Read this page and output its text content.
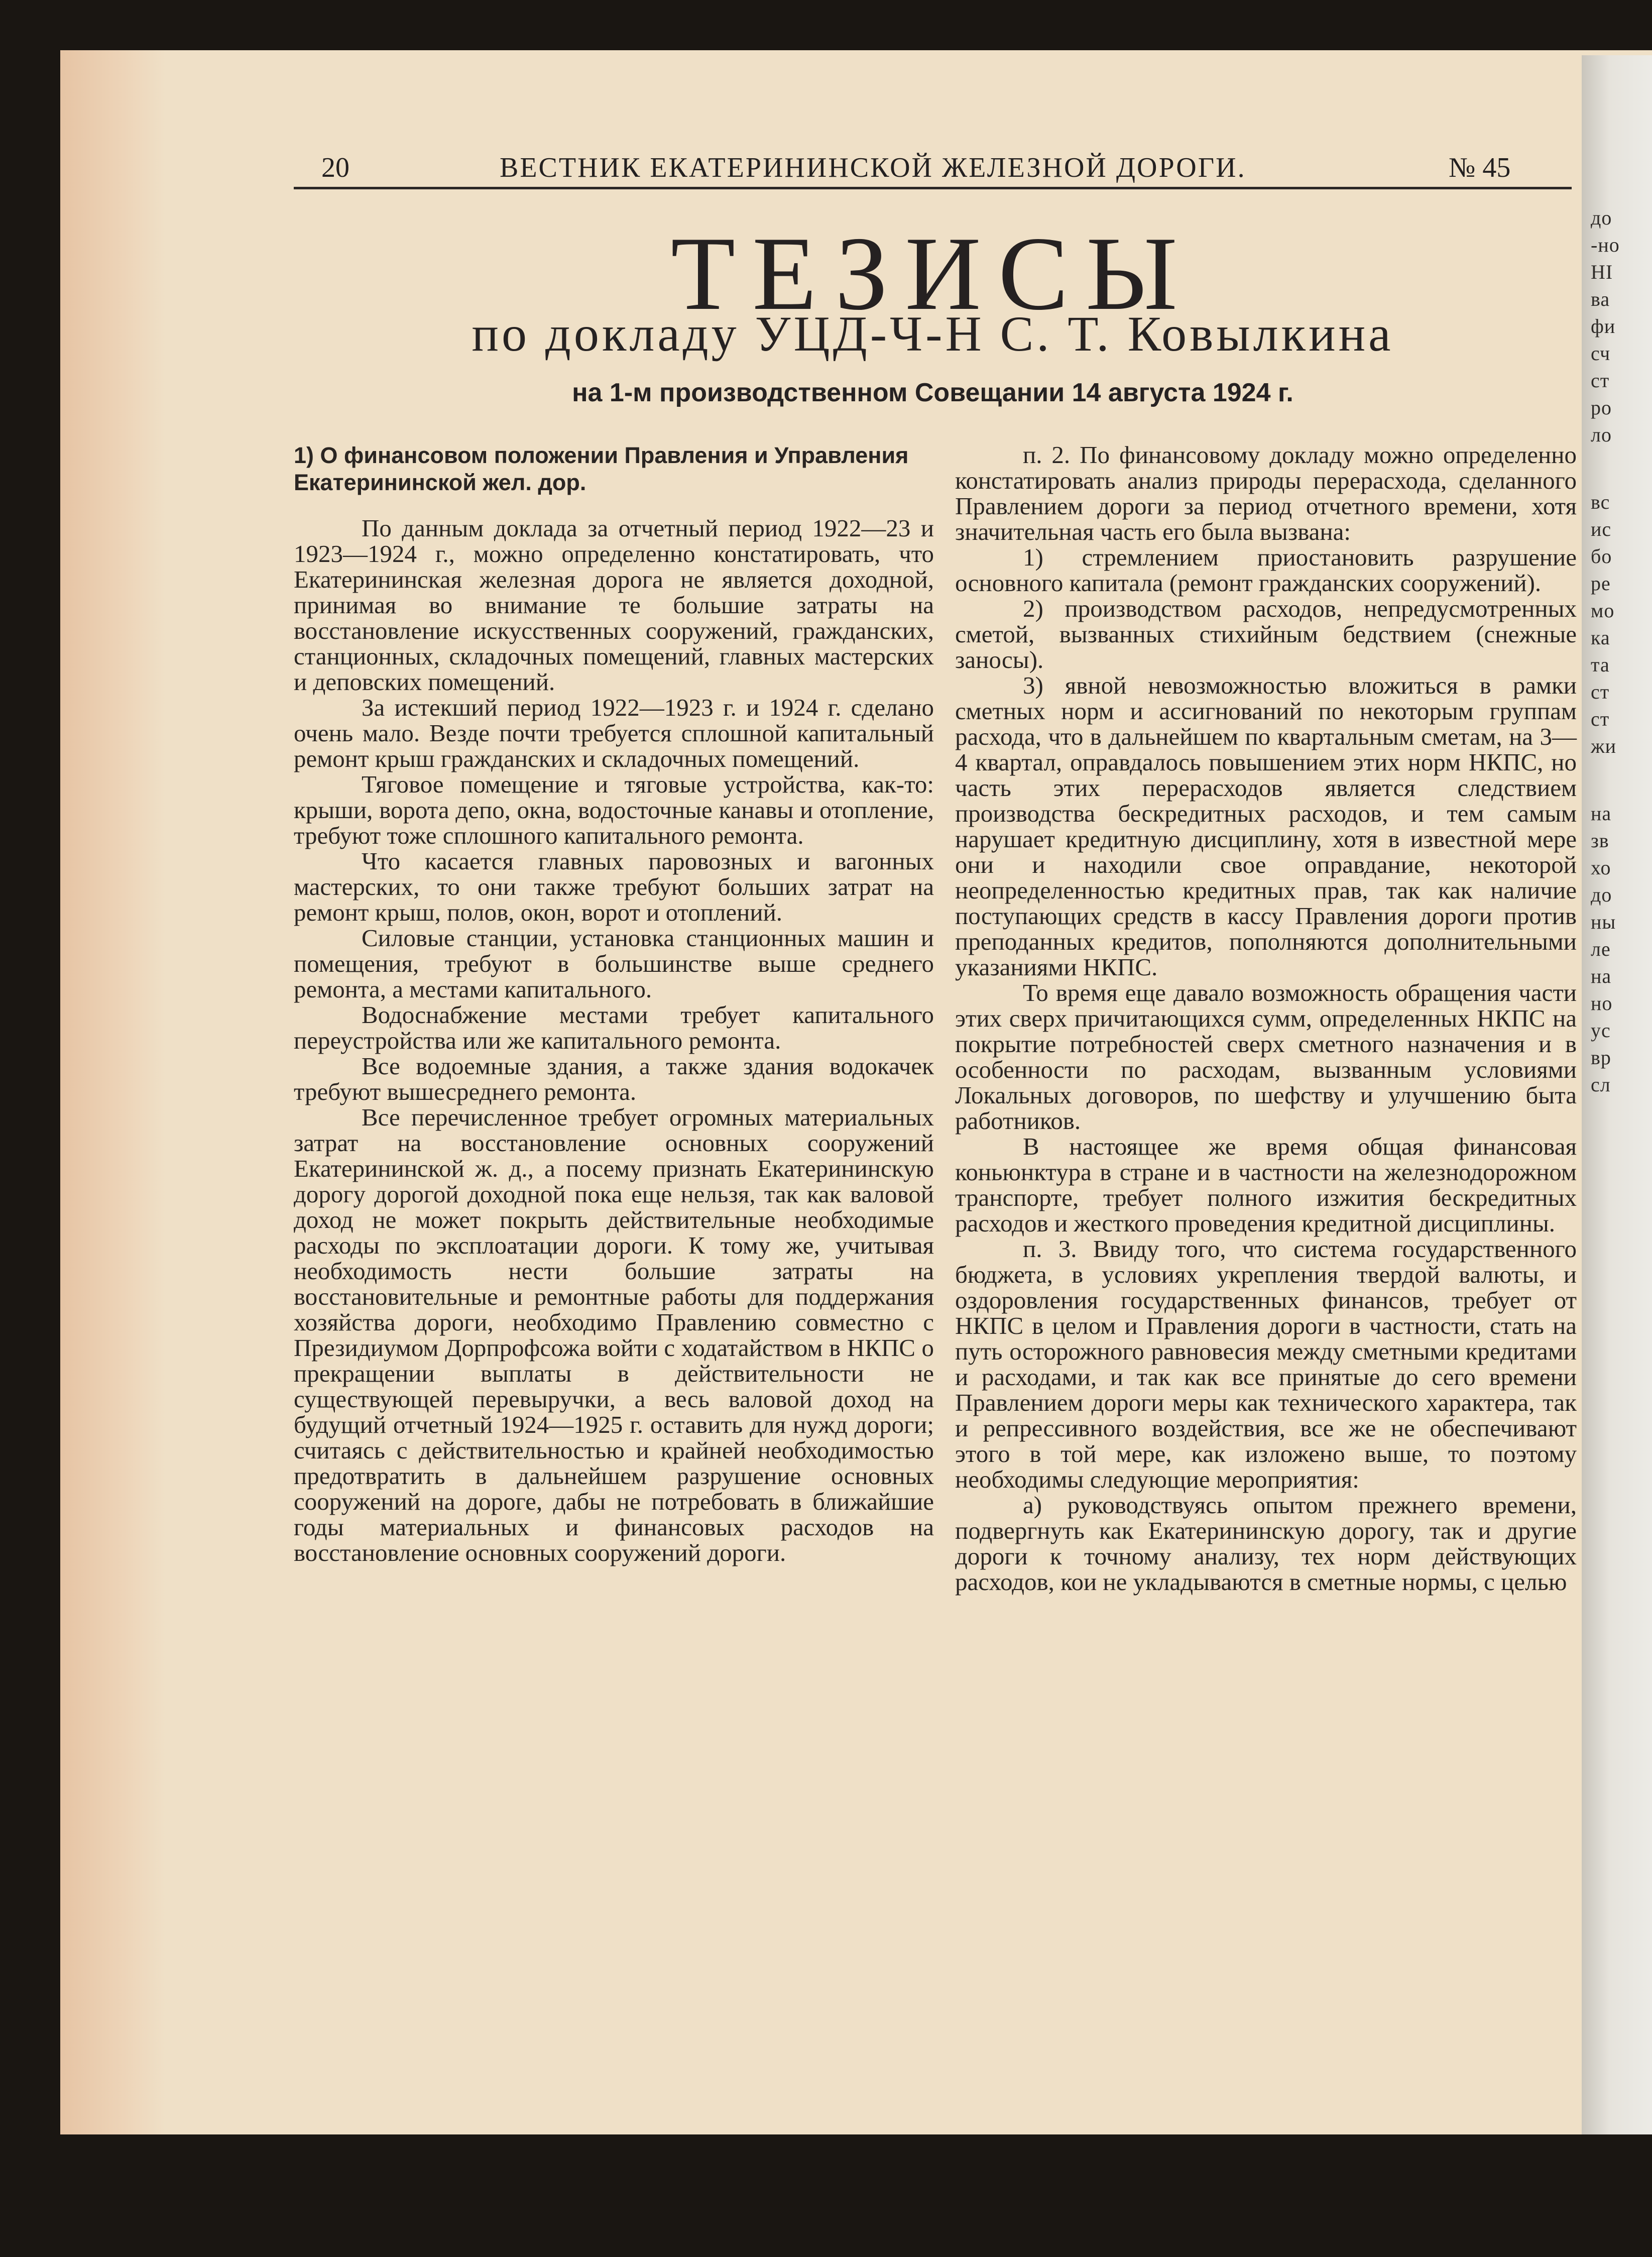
до
-но
НI
ва
фи
сч
ст
ро
ло
вс
ис
бо
ре
мо
ка
та
ст
ст
жи
на
зв
хо
до
ны
ле
на
но
ус
вр
сл
20	ВЕСТНИК ЕКАТЕРИНИНСКОЙ ЖЕЛЕЗНОЙ ДОРОГИ.	№ 45
ТЕЗИСЫ
по докладу УЦД-Ч-Н С. Т. Ковылкина
на 1-м производственном Совещании 14 августа 1924 г.

1) О финансовом положении Правления и Управления Екатерининской жел. дор.

По данным доклада за отчетный период 1922—23 и 1923—1924 г., можно определенно констатировать, что Екатерининская железная дорога не является доходной, принимая во внимание те большие затраты на восстановление искусственных сооружений, гражданских, станционных, складочных помещений, главных мастерских и деповских помещений.

За истекший период 1922—1923 г. и 1924 г. сделано очень мало. Везде почти требуется сплошной капитальный ремонт крыш гражданских и складочных помещений.

Тяговое помещение и тяговые устройства, как-то: крыши, ворота депо, окна, водосточные канавы и отопление, требуют тоже сплошного капитального ремонта.

Что касается главных паровозных и вагонных мастерских, то они также требуют больших затрат на ремонт крыш, полов, окон, ворот и отоплений.

Силовые станции, установка станционных машин и помещения, требуют в большинстве выше среднего ремонта, а местами капитального.

Водоснабжение местами требует капитального переустройства или же капитального ремонта.

Все водоемные здания, а также здания водокачек требуют вышесреднего ремонта.

Все перечисленное требует огромных материальных затрат на восстановление основных сооружений Екатерининской ж. д., а посему признать Екатерининскую дорогу дорогой доходной пока еще нельзя, так как валовой доход не может покрыть действительные необходимые расходы по эксплоатации дороги. К тому же, учитывая необходимость нести большие затраты на восстановительные и ремонтные работы для поддержания хозяйства дороги, необходимо Правлению совместно с Президиумом Дорпрофсожа войти с ходатайством в НКПС о прекращении выплаты в действительности не существующей перевыручки, а весь валовой доход на будущий отчетный 1924—1925 г. оставить для нужд дороги; считаясь с действительностью и крайней необходимостью предотвратить в дальнейшем разрушение основных сооружений на дороге, дабы не потребовать в ближайшие годы материальных и финансовых расходов на восстановление основных сооружений дороги.

п. 2. По финансовому докладу можно определенно констатировать анализ природы перерасхода, сделанного Правлением дороги за период отчетного времени, хотя значительная часть его была вызвана:

1) стремлением приостановить разрушение основного капитала (ремонт гражданских сооружений).

2) производством расходов, непредусмотренных сметой, вызванных стихийным бедствием (снежные заносы).

3) явной невозможностью вложиться в рамки сметных норм и ассигнований по некоторым группам расхода, что в дальнейшем по квартальным сметам, на 3—4 квартал, оправдалось повышением этих норм НКПС, но часть этих перерасходов является следствием производства бескредитных расходов, и тем самым нарушает кредитную дисциплину, хотя в известной мере они и находили свое оправдание, некоторой неопределенностью кредитных прав, так как наличие поступающих средств в кассу Правления дороги против преподанных кредитов, пополняются дополнительными указаниями НКПС.

То время еще давало возможность обращения части этих сверх причитающихся сумм, определенных НКПС на покрытие потребностей сверх сметного назначения и в особенности по расходам, вызванным условиями Локальных договоров, по шефству и улучшению быта работников.

В настоящее же время общая финансовая коньюнктура в стране и в частности на железнодорожном транспорте, требует полного изжития бескредитных расходов и жесткого проведения кредитной дисциплины.

п. 3. Ввиду того, что система государственного бюджета, в условиях укрепления твердой валюты, и оздоровления государственных финансов, требует от НКПС в целом и Правления дороги в частности, стать на путь осторожного равновесия между сметными кредитами и расходами, и так как все принятые до сего времени Правлением дороги меры как технического характера, так и репрессивного воздействия, все же не обеспечивают этого в той мере, как изложено выше, то поэтому необходимы следующие мероприятия:

а) руководствуясь опытом прежнего времени, подвергнуть как Екатерининскую дорогу, так и другие дороги к точному анализу, тех норм действующих расходов, кои не укладываются в сметные нормы, с целью
